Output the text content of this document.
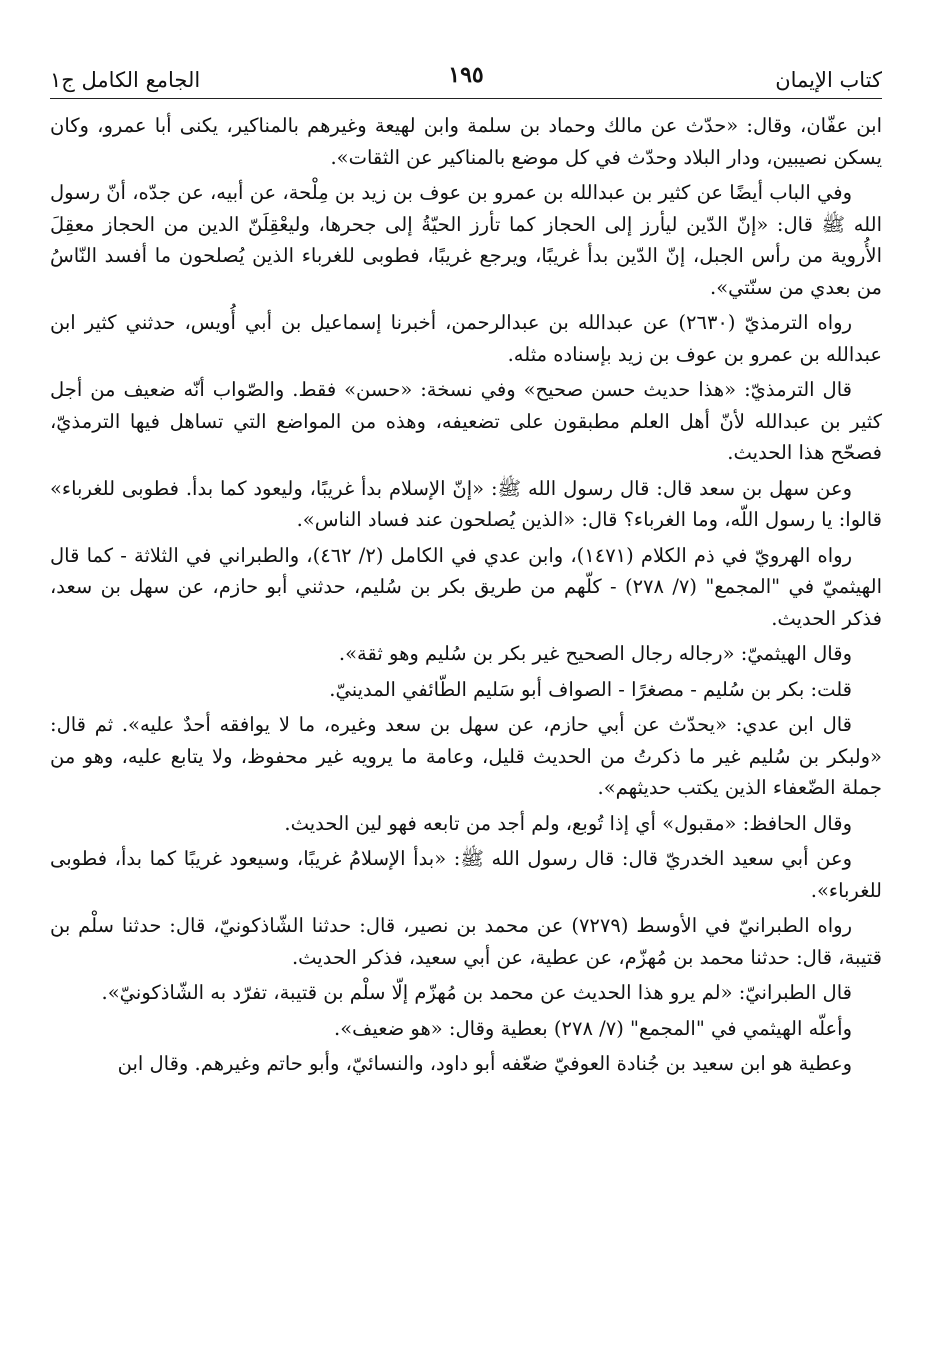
كتاب الإيمان
١٩٥
الجامع الكامل ج١

ابن عفّان، وقال: «حدّث عن مالك وحماد بن سلمة وابن لهيعة وغيرهم بالمناكير، يكنى أبا عمرو، وكان يسكن نصيبين، ودار البلاد وحدّث في كل موضع بالمناكير عن الثقات».

وفي الباب أيضًا عن كثير بن عبدالله بن عمرو بن عوف بن زيد بن مِلْحة، عن أبيه، عن جدّه، أنّ رسول الله ﷺ قال: «إنّ الدّين ليأرز إلى الحجاز كما تأرز الحيّةُ إلى جحرها، وليعْقِلَنّ الدين من الحجاز معقِلَ الأُروية من رأس الجبل، إنّ الدّين بدأ غريبًا، ويرجع غريبًا، فطوبى للغرباء الذين يُصلحون ما أفسد النّاسُ من بعدي من سنّتي».

رواه الترمذيّ (٢٦٣٠) عن عبدالله بن عبدالرحمن، أخبرنا إسماعيل بن أبي أُويس، حدثني كثير ابن عبدالله بن عمرو بن عوف بن زيد بإسناده مثله.

قال الترمذيّ: «هذا حديث حسن صحيح» وفي نسخة: «حسن» فقط. والصّواب أنّه ضعيف من أجل كثير بن عبدالله لأنّ أهل العلم مطبقون على تضعيفه، وهذه من المواضع التي تساهل فيها الترمذيّ، فصحّح هذا الحديث.

وعن سهل بن سعد قال: قال رسول الله ﷺ: «إنّ الإسلام بدأ غريبًا، وليعود كما بدأ. فطوبى للغرباء» قالوا: يا رسول اللّه، وما الغرباء؟ قال: «الذين يُصلحون عند فساد الناس».

رواه الهرويّ في ذم الكلام (١٤٧١)، وابن عدي في الكامل (٢/ ٤٦٢)، والطبراني في الثلاثة - كما قال الهيثميّ في "المجمع" (٧/ ٢٧٨) - كلّهم من طريق بكر بن سُليم، حدثني أبو حازم، عن سهل بن سعد، فذكر الحديث.

وقال الهيثميّ: «رجاله رجال الصحيح غير بكر بن سُليم وهو ثقة».

قلت: بكر بن سُليم - مصغرًا - الصواف أبو سَليم الطّائفي المدينيّ.

قال ابن عدي: «يحدّث عن أبي حازم، عن سهل بن سعد وغيره، ما لا يوافقه أحدٌ عليه». ثم قال: «ولبكر بن سُليم غير ما ذكرتُ من الحديث قليل، وعامة ما يرويه غير محفوظ، ولا يتابع عليه، وهو من جملة الضّعفاء الذين يكتب حديثهم».

وقال الحافظ: «مقبول» أي إذا تُوبع، ولم أجد من تابعه فهو لين الحديث.

وعن أبي سعيد الخدريّ قال: قال رسول الله ﷺ: «بدأ الإسلامُ غريبًا، وسيعود غريبًا كما بدأ، فطوبى للغرباء».

رواه الطبرانيّ في الأوسط (٧٢٧٩) عن محمد بن نصير، قال: حدثنا الشّاذكونيّ، قال: حدثنا سلْم بن قتيبة، قال: حدثنا محمد بن مُهزّم، عن عطية، عن أبي سعيد، فذكر الحديث.

قال الطبرانيّ: «لم يرو هذا الحديث عن محمد بن مُهزّم إلّا سلْم بن قتيبة، تفرّد به الشّاذكونيّ».

وأعلّه الهيثمي في "المجمع" (٧/ ٢٧٨) بعطية وقال: «هو ضعيف».

وعطية هو ابن سعيد بن جُنادة العوفيّ ضعّفه أبو داود، والنسائيّ، وأبو حاتم وغيرهم. وقال ابن
